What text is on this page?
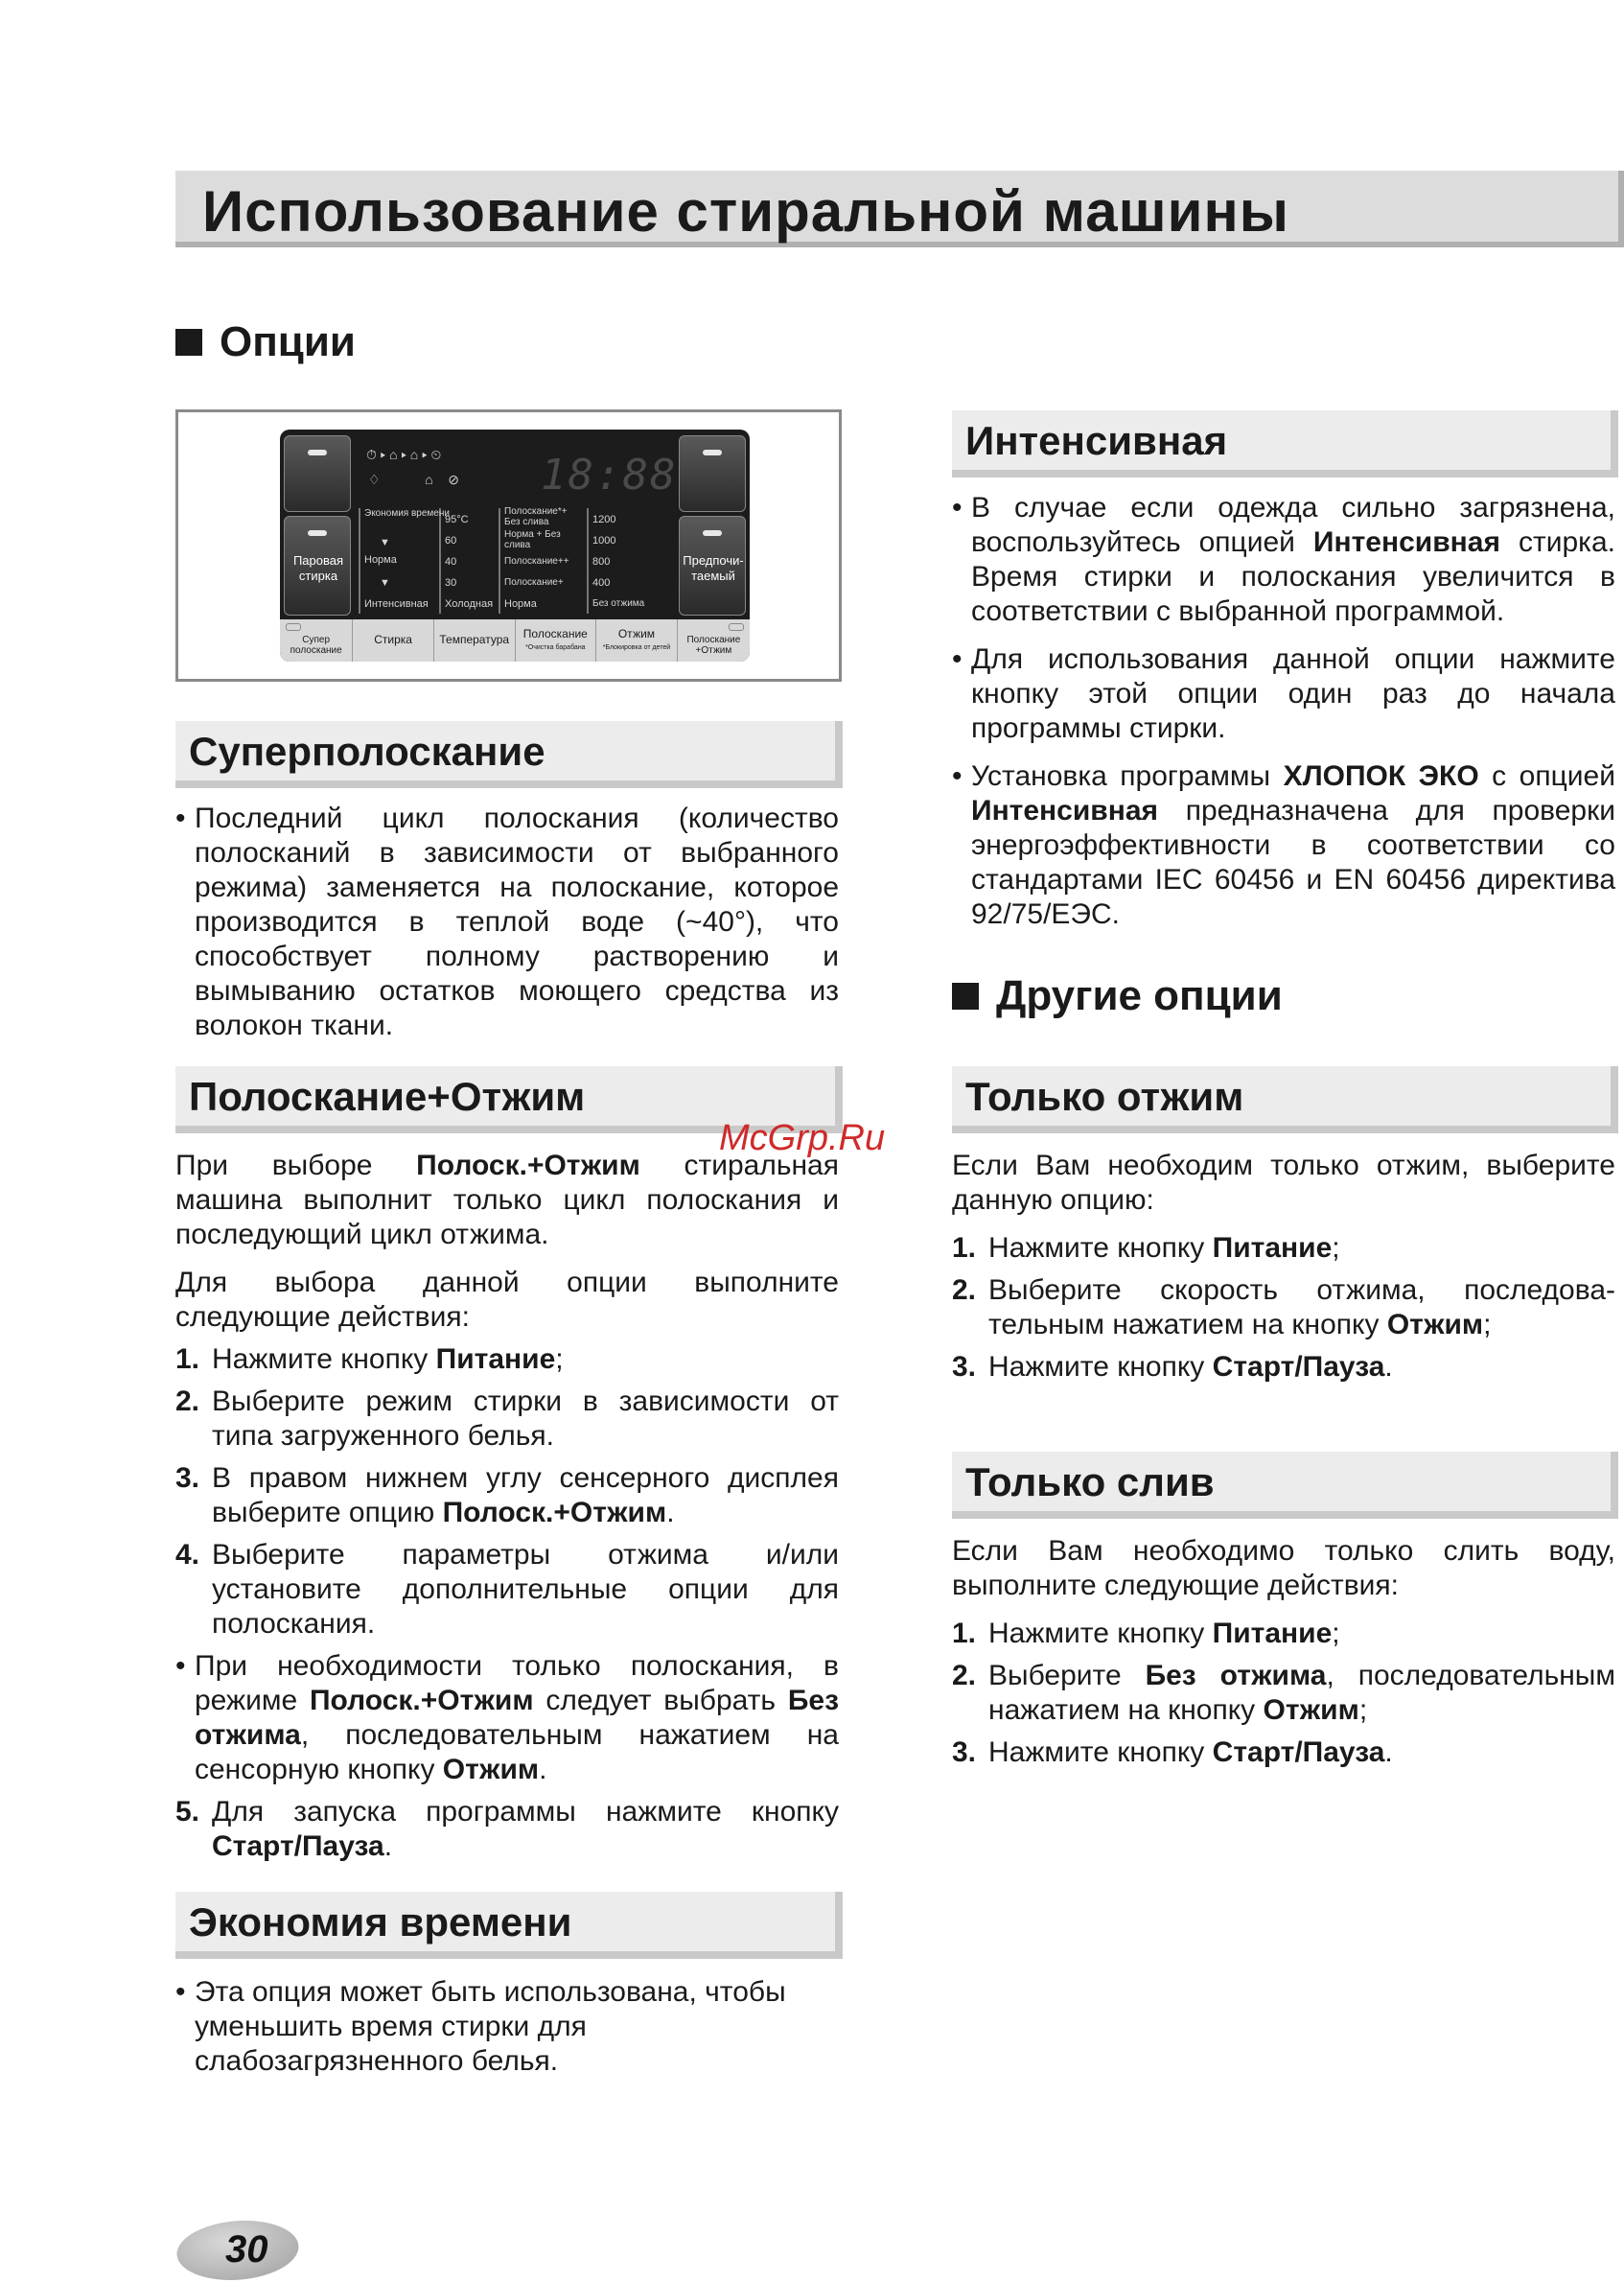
Использование стиральной машины
Опции
Паровая стирка
Предпочи- таемый
⏱ ▸ ⌂ ▸ ⌂ ▸ ⏲
♢            ⌂    ⊘ 18:88
Экономия времени
▼
Норма
▼
Интенсивная
95°C
60
40
30
Холодная
Полоскание*+ Без слива
Норма + Без слива
Полоскание++
Полоскание+
Норма
1200
1000
800
400
Без отжима
Супер полоскание
Стирка	Температура	Полоскание
*Очистка барабана
Отжим
*Блокировка от детей
Полоскание +Отжим
Суперполоскание
• Последний цикл полоскания (количество полосканий в зависимости от выбранного режима) заменяется на полоскание, которое производится в теплой воде (~40°), что способствует полному растворению и вымыванию остатков моющего средства из волокон ткани.
Полоскание+Отжим
При выборе Полоск.+Отжим стиральная машина выполнит только цикл полоскания и последующий цикл отжима.
Для выбора данной опции выполните следующие действия:
1. Нажмите кнопку Питание;
2. Выберите режим стирки в зависимости от типа загруженного белья.
3. В правом нижнем углу сенсерного дисплея выберите опцию Полоск.+Отжим.
4. Выберите параметры отжима и/или установите дополнительные опции для полоскания.
• При необходимости только полоскания, в режиме Полоск.+Отжим следует выбрать Без отжима, последовательным нажатием на сенсорную кнопку Отжим.
5. Для запуска программы нажмите кнопку Старт/Пауза.
Экономия времени
• Эта опция может быть использована, чтобы уменьшить время стирки для слабозагрязненного белья.
Интенсивная
• В случае если одежда сильно загрязнена, воспользуйтесь опцией Интенсивная стирка. Время стирки и полоскания увеличится в соответствии с выбранной программой.
• Для использования данной опции нажмите кнопку этой опции один раз до начала программы стирки.
• Установка программы ХЛОПОК ЭКО с опцией Интенсивная предназначена для проверки энергоэффективности в соответствии со стандартами IEC 60456 и EN 60456 директива 92/75/ЕЭС.
Другие опции
Только отжим
Если Вам необходим только отжим, выберите данную опцию:
1. Нажмите кнопку Питание;
2. Выберите скорость отжима, последова- тельным нажатием на кнопку Отжим;
3. Нажмите кнопку Старт/Пауза.
Только слив
Если Вам необходимо только слить воду, выполните следующие действия:
1. Нажмите кнопку Питание;
2. Выберите Без отжима, последовательным нажатием на кнопку Отжим;
3. Нажмите кнопку Старт/Пауза.
McGrp.Ru
30
